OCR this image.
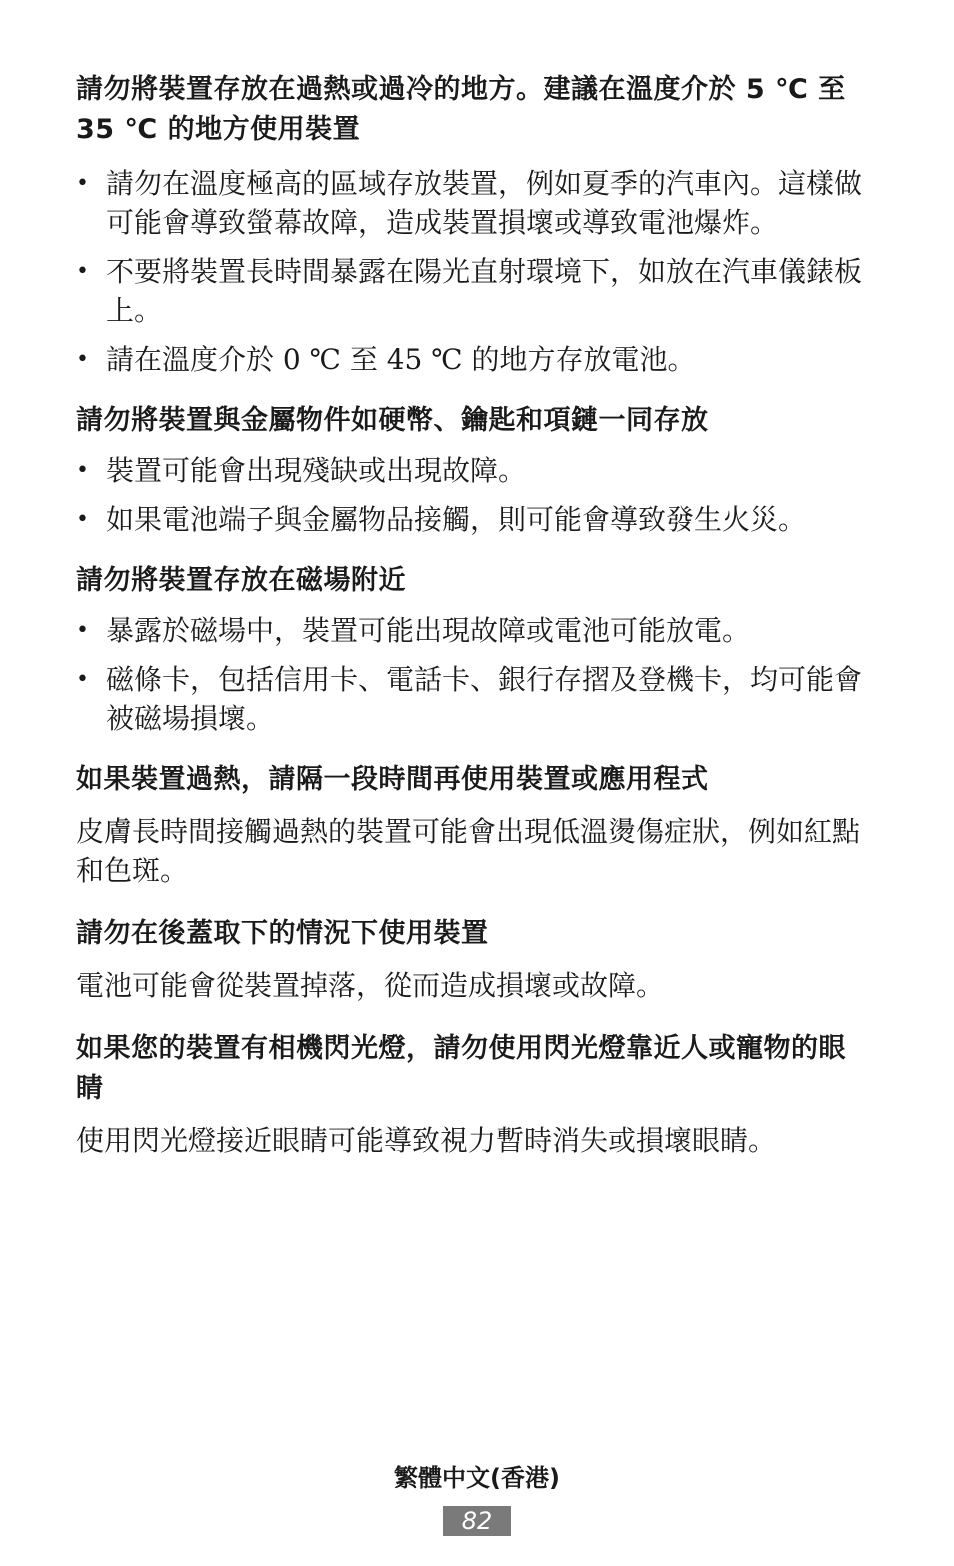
請勿將裝置存放在過熱或過冷的地方。建議在溫度介於 5 ℃ 至 35 ℃ 的地方使用裝置
• 請勿在溫度極高的區域存放裝置，例如夏季的汽車內。這樣做可能會導致螢幕故障，造成裝置損壞或導致電池爆炸。
• 不要將裝置長時間暴露在陽光直射環境下，如放在汽車儀錶板上。
• 請在溫度介於 0 ℃ 至 45 ℃ 的地方存放電池。
請勿將裝置與金屬物件如硬幣、鑰匙和項鏈一同存放
• 裝置可能會出現殘缺或出現故障。
• 如果電池端子與金屬物品接觸，則可能會導致發生火災。
請勿將裝置存放在磁場附近
• 暴露於磁場中，裝置可能出現故障或電池可能放電。
• 磁條卡，包括信用卡、電話卡、銀行存摺及登機卡，均可能會被磁場損壞。
如果裝置過熱，請隔一段時間再使用裝置或應用程式

皮膚長時間接觸過熱的裝置可能會出現低溫燙傷症狀，例如紅點和色斑。

請勿在後蓋取下的情況下使用裝置

電池可能會從裝置掉落，從而造成損壞或故障。

如果您的裝置有相機閃光燈，請勿使用閃光燈靠近人或寵物的眼睛

使用閃光燈接近眼睛可能導致視力暫時消失或損壞眼睛。

繁體中文(香港)
82
